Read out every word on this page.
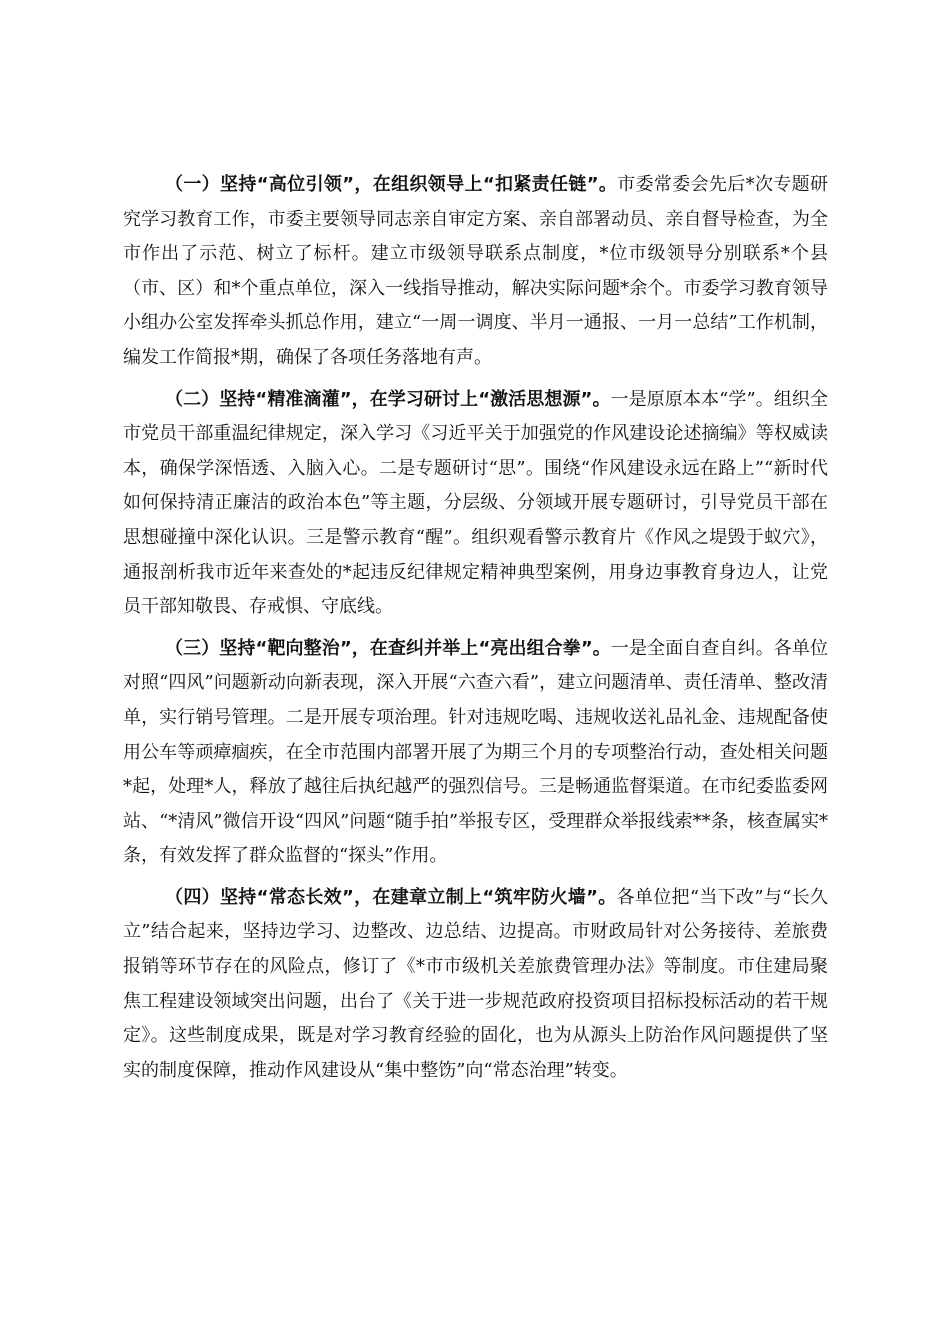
（一）坚持“高位引领”，在组织领导上“扣紧责任链”。市委常委会先后*次专题研究学习教育工作，市委主要领导同志亲自审定方案、亲自部署动员、亲自督导检查，为全市作出了示范、树立了标杆。建立市级领导联系点制度，*位市级领导分别联系*个县（市、区）和*个重点单位，深入一线指导推动，解决实际问题*余个。市委学习教育领导小组办公室发挥牵头抓总作用，建立“一周一调度、半月一通报、一月一总结”工作机制，编发工作简报*期，确保了各项任务落地有声。

（二）坚持“精准滴灌”，在学习研讨上“激活思想源”。一是原原本本“学”。组织全市党员干部重温纪律规定，深入学习《习近平关于加强党的作风建设论述摘编》等权威读本，确保学深悟透、入脑入心。二是专题研讨“思”。围绕“作风建设永远在路上”“新时代如何保持清正廉洁的政治本色”等主题，分层级、分领域开展专题研讨，引导党员干部在思想碰撞中深化认识。三是警示教育“醒”。组织观看警示教育片《作风之堤毁于蚁穴》，通报剖析我市近年来查处的*起违反纪律规定精神典型案例，用身边事教育身边人，让党员干部知敬畏、存戒惧、守底线。

（三）坚持“靶向整治”，在查纠并举上“亮出组合拳”。一是全面自查自纠。各单位对照“四风”问题新动向新表现，深入开展“六查六看”，建立问题清单、责任清单、整改清单，实行销号管理。二是开展专项治理。针对违规吃喝、违规收送礼品礼金、违规配备使用公车等顽瘴痼疾，在全市范围内部署开展了为期三个月的专项整治行动，查处相关问题*起，处理*人，释放了越往后执纪越严的强烈信号。三是畅通监督渠道。在市纪委监委网站、“*清风”微信开设“四风”问题“随手拍”举报专区，受理群众举报线索**条，核查属实*条，有效发挥了群众监督的“探头”作用。

（四）坚持“常态长效”，在建章立制上“筑牢防火墙”。各单位把“当下改”与“长久立”结合起来，坚持边学习、边整改、边总结、边提高。市财政局针对公务接待、差旅费报销等环节存在的风险点，修订了《*市市级机关差旅费管理办法》等制度。市住建局聚焦工程建设领域突出问题，出台了《关于进一步规范政府投资项目招标投标活动的若干规定》。这些制度成果，既是对学习教育经验的固化，也为从源头上防治作风问题提供了坚实的制度保障，推动作风建设从“集中整饬”向“常态治理”转变。
